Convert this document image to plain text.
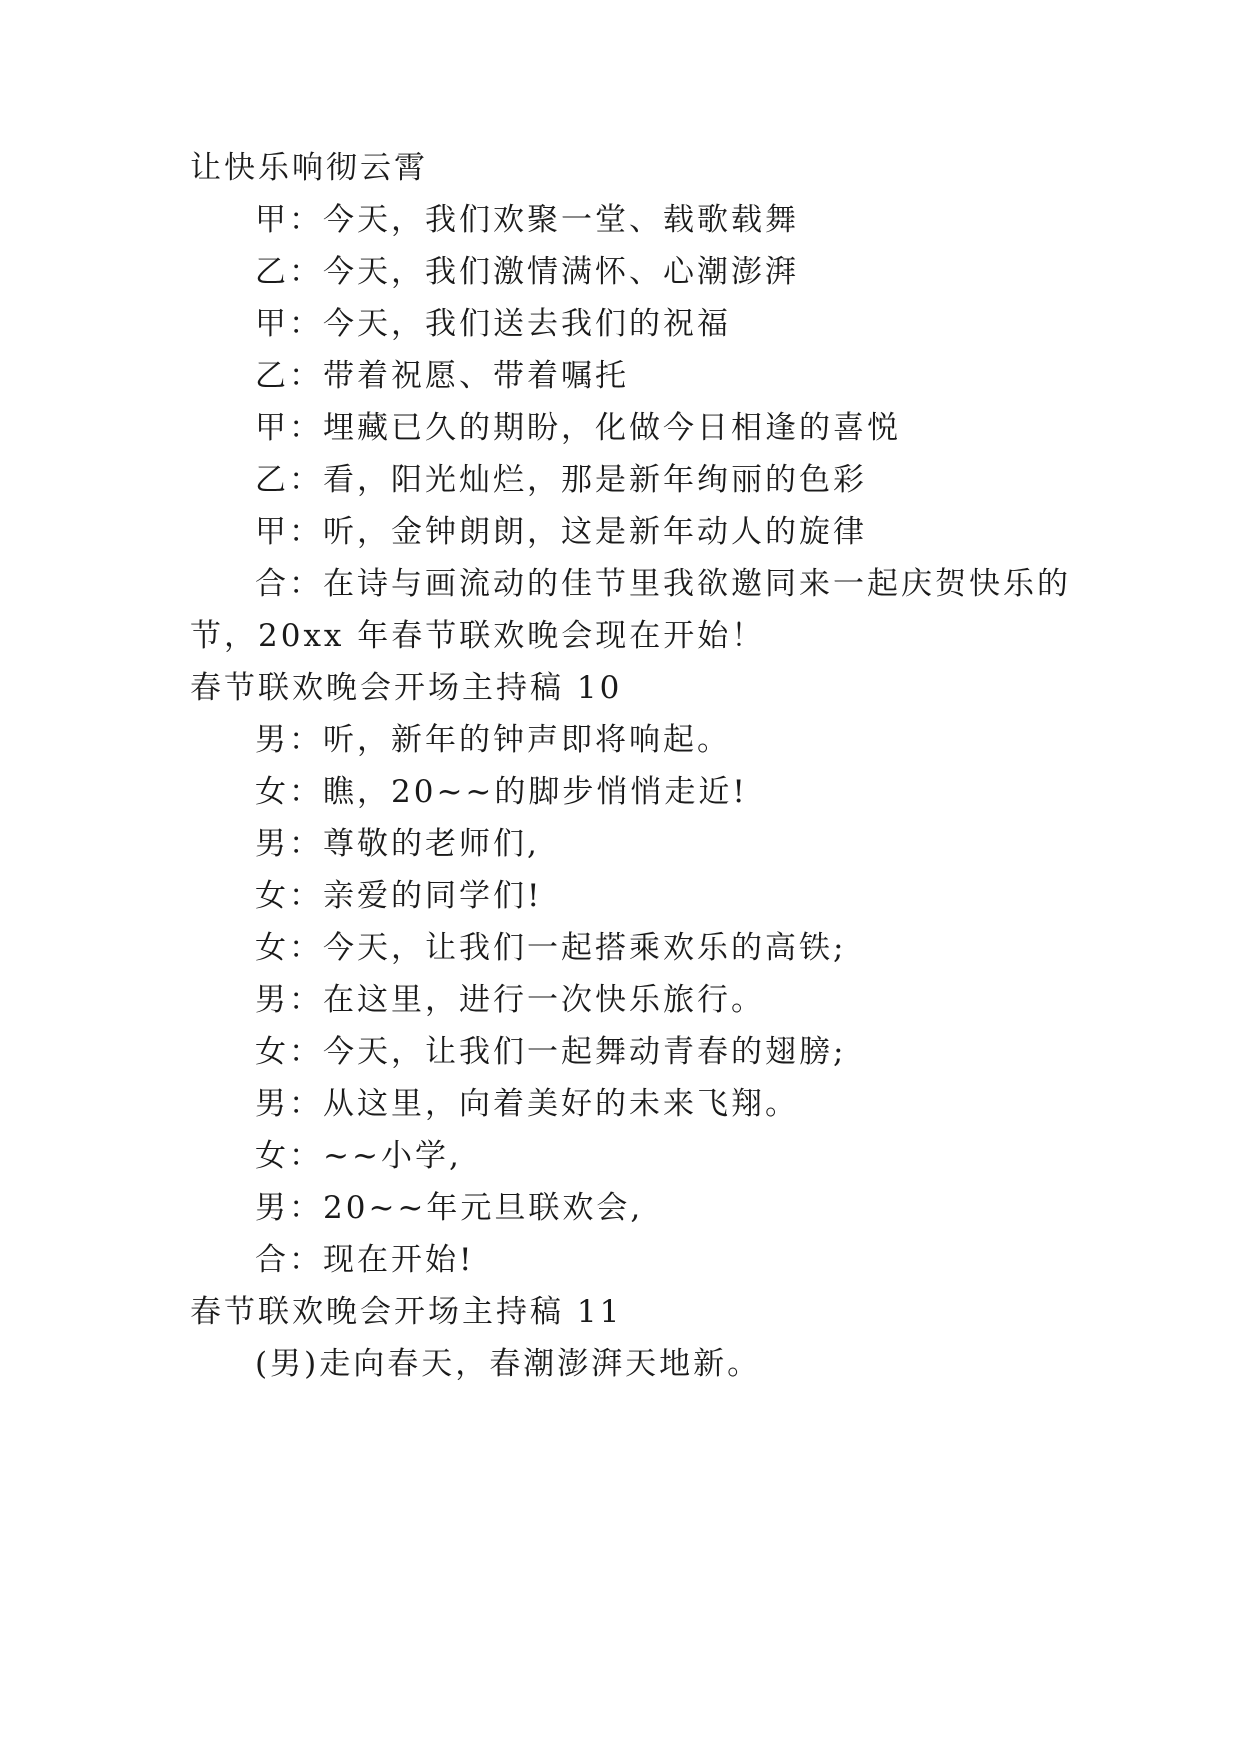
让快乐响彻云霄
甲：今天，我们欢聚一堂、载歌载舞
乙：今天，我们激情满怀、心潮澎湃
甲：今天，我们送去我们的祝福
乙：带着祝愿、带着嘱托
甲：埋藏已久的期盼，化做今日相逢的喜悦
乙：看，阳光灿烂，那是新年绚丽的色彩
甲：听，金钟朗朗，这是新年动人的旋律
合：在诗与画流动的佳节里我欲邀同来一起庆贺快乐的
节，20xx 年春节联欢晚会现在开始！
春节联欢晚会开场主持稿 10
男：听，新年的钟声即将响起。
女：瞧，20~~的脚步悄悄走近!
男：尊敬的老师们,
女：亲爱的同学们!
女：今天，让我们一起搭乘欢乐的高铁;
男：在这里，进行一次快乐旅行。
女：今天，让我们一起舞动青春的翅膀;
男：从这里，向着美好的未来飞翔。
女：~~小学,
男：20~~年元旦联欢会,
合：现在开始!
春节联欢晚会开场主持稿 11
(男)走向春天，春潮澎湃天地新。
